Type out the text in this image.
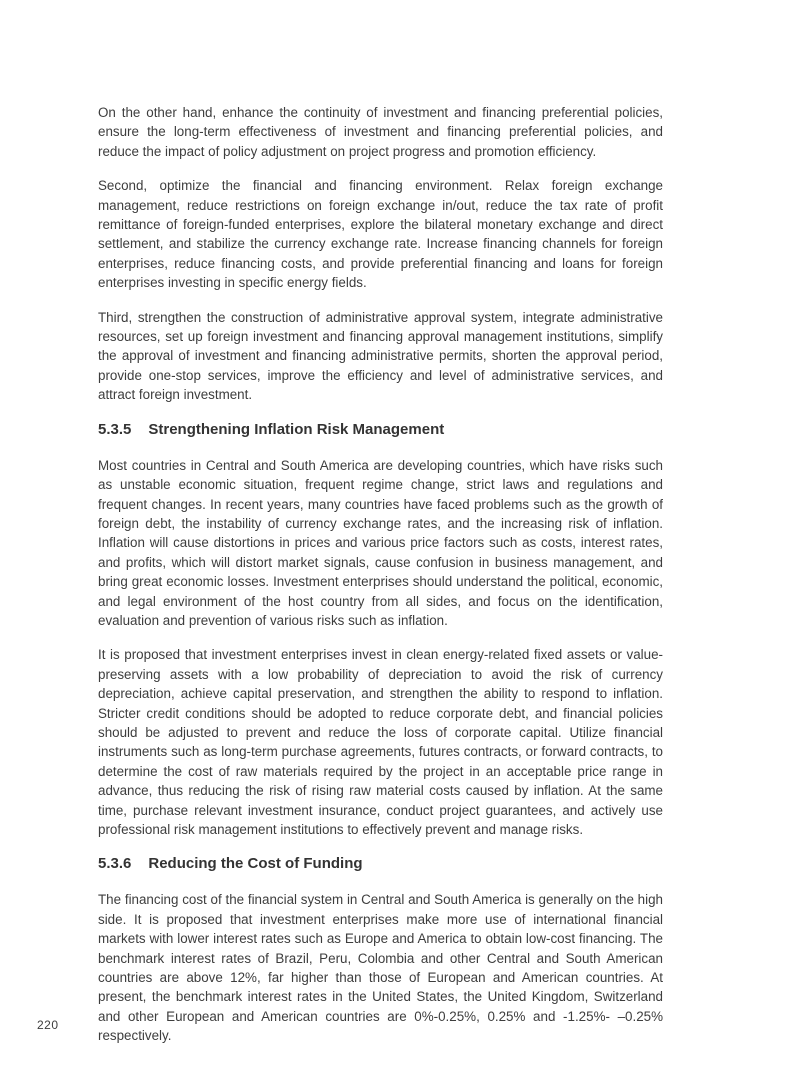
On the other hand, enhance the continuity of investment and financing preferential policies, ensure the long-term effectiveness of investment and financing preferential policies, and reduce the impact of policy adjustment on project progress and promotion efficiency.

Second, optimize the financial and financing environment. Relax foreign exchange management, reduce restrictions on foreign exchange in/out, reduce the tax rate of profit remittance of foreign-funded enterprises, explore the bilateral monetary exchange and direct settlement, and stabilize the currency exchange rate. Increase financing channels for foreign enterprises, reduce financing costs, and provide preferential financing and loans for foreign enterprises investing in specific energy fields.

Third, strengthen the construction of administrative approval system, integrate administrative resources, set up foreign investment and financing approval management institutions, simplify the approval of investment and financing administrative permits, shorten the approval period, provide one-stop services, improve the efficiency and level of administrative services, and attract foreign investment.

5.3.5 Strengthening Inflation Risk Management

Most countries in Central and South America are developing countries, which have risks such as unstable economic situation, frequent regime change, strict laws and regulations and frequent changes. In recent years, many countries have faced problems such as the growth of foreign debt, the instability of currency exchange rates, and the increasing risk of inflation. Inflation will cause distortions in prices and various price factors such as costs, interest rates, and profits, which will distort market signals, cause confusion in business management, and bring great economic losses. Investment enterprises should understand the political, economic, and legal environment of the host country from all sides, and focus on the identification, evaluation and prevention of various risks such as inflation.

It is proposed that investment enterprises invest in clean energy-related fixed assets or value-preserving assets with a low probability of depreciation to avoid the risk of currency depreciation, achieve capital preservation, and strengthen the ability to respond to inflation. Stricter credit conditions should be adopted to reduce corporate debt, and financial policies should be adjusted to prevent and reduce the loss of corporate capital. Utilize financial instruments such as long-term purchase agreements, futures contracts, or forward contracts, to determine the cost of raw materials required by the project in an acceptable price range in advance, thus reducing the risk of rising raw material costs caused by inflation. At the same time, purchase relevant investment insurance, conduct project guarantees, and actively use professional risk management institutions to effectively prevent and manage risks.

5.3.6 Reducing the Cost of Funding

The financing cost of the financial system in Central and South America is generally on the high side. It is proposed that investment enterprises make more use of international financial markets with lower interest rates such as Europe and America to obtain low-cost financing. The benchmark interest rates of Brazil, Peru, Colombia and other Central and South American countries are above 12%, far higher than those of European and American countries. At present, the benchmark interest rates in the United States, the United Kingdom, Switzerland and other European and American countries are 0%-0.25%, 0.25% and -1.25%- –0.25% respectively.

220
